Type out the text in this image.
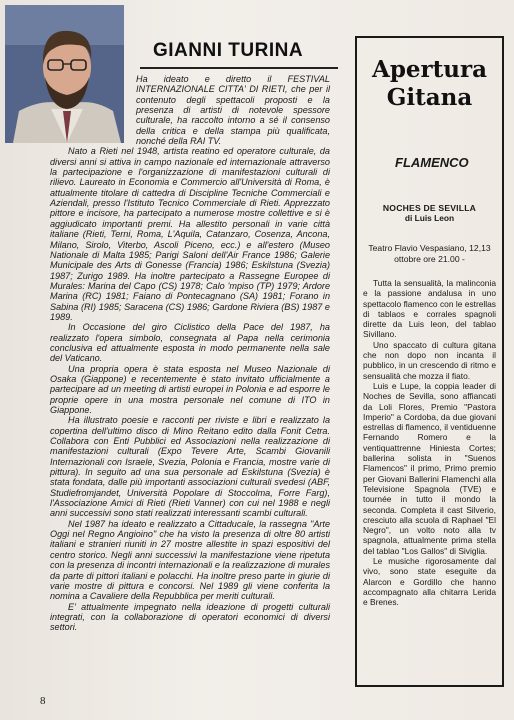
GIANNI TURINA

Ha ideato e diretto il FESTIVAL INTERNAZIONALE CITTA' DI RIETI, che per il contenuto degli spettacoli proposti e la presenza di artisti di notevole spessore culturale, ha raccolto intorno a sé il consenso della critica e della stampa più qualificata, nonché della RAI TV.

Nato a Rieti nel 1948, artista reatino ed operatore culturale, da diversi anni si attiva in campo nazionale ed internazionale attraverso la partecipazione e l'organizzazione di manifestazioni culturali di rilievo. Laureato in Economia e Commercio all'Università di Roma, è attualmente titolare di cattedra di Discipline Tecniche Commerciali e Aziendali, presso l'Istituto Tecnico Commerciale di Rieti. Apprezzato pittore e incisore, ha partecipato a numerose mostre collettive e si è aggiudicato importanti premi. Ha allestito personali in varie città italiane (Rieti, Terni, Roma, L'Aquila, Catanzaro, Cosenza, Ancona, Milano, Sirolo, Viterbo, Ascoli Piceno, ecc.) e all'estero (Museo Nationale di Malta 1985; Parigi Saloni dell'Air France 1986; Galerie Municipale des Arts di Gonesse (Francia) 1986; Eskilstuna (Svezia) 1987; Zurigo 1989. Ha inoltre partecipato a Rassegne Europee di Murales: Marina del Capo (CS) 1978; Calo 'mpiso (TP) 1979; Ardore Marina (RC) 1981; Faiano di Pontecagnano (SA) 1981; Forano in Sabina (RI) 1985; Saracena (CS) 1986; Gardone Riviera (BS) 1987 e 1989.

In Occasione del giro Ciclistico della Pace del 1987, ha realizzato l'opera simbolo, consegnata al Papa nella cerimonia conclusiva ed attualmente esposta in modo permanente nella sale del Vaticano.

Una propria opera è stata esposta nel Museo Nazionale di Osaka (Giappone) e recentemente è stato invitato ufficialmente a partecipare ad un meeting di artisti europei in Polonia e ad esporre le proprie opere in una mostra personale nel comune di ITO in Giappone.

Ha illustrato poesie e racconti per riviste e libri e realizzato la copertina dell'ultimo disco di Mino Reitano edito dalla Fonit Cetra. Collabora con Enti Pubblici ed Associazioni nella realizzazione di manifestazioni culturali (Expo Tevere Arte, Scambi Giovanili Internazionali con Israele, Svezia, Polonia e Francia, mostre varie di pittura). In seguito ad una sua personale ad Eskilstuna (Svezia) è stata fondata, dalle più importanti associazioni culturali svedesi (ABF, Studiefromjandet, Università Popolare di Stoccolma, Forre Farg), l'Associazione Amici di Rieti (Rieti Vanner) con cui nel 1988 e negli anni successivi sono stati realizzati interessanti scambi culturali.

Nel 1987 ha ideato e realizzato a Cittaducale, la rassegna "Arte Oggi nel Regno Angioino" che ha visto la presenza di oltre 80 artisti italiani e stranieri riuniti in 27 mostre allestite in spazi espositivi del centro storico. Negli anni successivi la manifestazione viene ripetuta con la presenza di incontri internazionali e la realizzazione di murales da parte di pittori italiani e polacchi. Ha inoltre preso parte in giurie di varie mostre di pittura e concorsi. Nel 1989 gli viene conferita la nomina a Cavaliere della Repubblica per meriti culturali.

E' attualmente impegnato nella ideazione di progetti culturali integrati, con la collaborazione di operatori economici di diversi settori.

8
Apertura
Gitana
FLAMENCO
NOCHES DE SEVILLA
di Luis Leon
Teatro Flavio Vespasiano, 12,13 ottobre ore 21.00 -

Tutta la sensualità, la malinconia e la passione andalusa in uno spettacolo flamenco con le estrellas di tablaos e corrales spagnoli dirette da Luis leon, del tablao Sivillano.

Uno spaccato di cultura gitana che non dopo non incanta il pubblico, in un crescendo di ritmo e sensualità che mozza il fiato.

Luis e Lupe, la coppia leader di Noches de Sevilla, sono affiancati da Loli Flores, Premio "Pastora Imperio" a Cordoba, da due giovani estrellas di flamenco, il ventiduenne Fernando Romero e la ventiquattrenne Hiniesta Cortes; ballerina solista in "Suenos Flamencos" il primo, Primo premio per Giovani Ballerini Flamenchi alla Televisione Spagnola (TVE) e tournée in tutto il mondo la seconda. Completa il cast Silverio, cresciuto alla scuola di Raphael "El Negro", un volto noto alla tv spagnola, attualmente prima stella del tablao "Los Gallos" di Siviglia.

Le musiche rigorosamente dal vivo, sono state eseguite da Alarcon e Gordillo che hanno accompagnato alla chitarra Lerida e Brenes.
